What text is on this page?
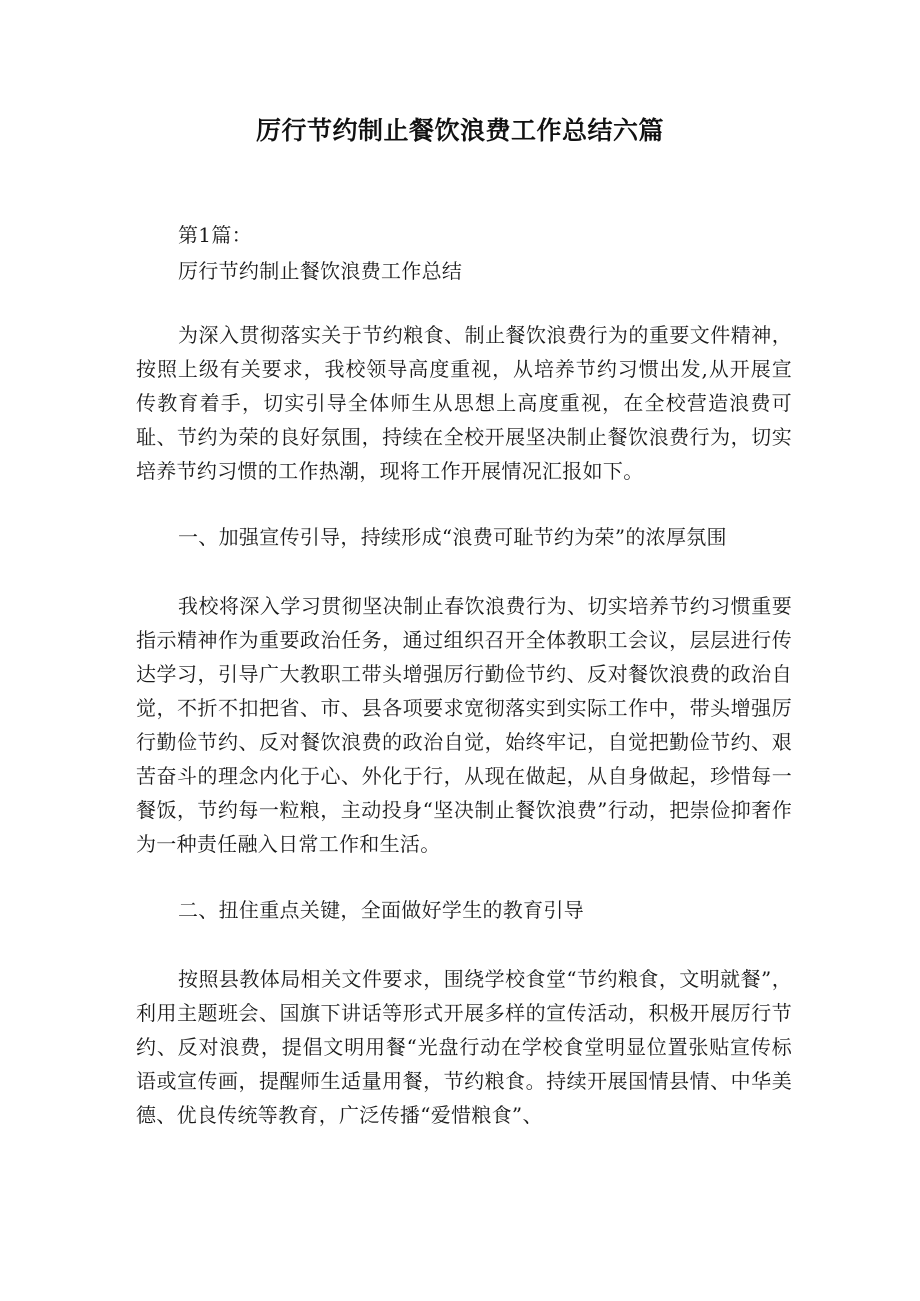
厉行节约制止餐饮浪费工作总结六篇
第1篇：
厉行节约制止餐饮浪费工作总结

为深入贯彻落实关于节约粮食、制止餐饮浪费行为的重要文件精神，按照上级有关要求，我校领导高度重视，从培养节约习惯出发,从开展宣传教育着手，切实引导全体师生从思想上高度重视，在全校营造浪费可耻、节约为荣的良好氛围，持续在全校开展坚决制止餐饮浪费行为，切实培养节约习惯的工作热潮，现将工作开展情况汇报如下。

一、加强宣传引导，持续形成“浪费可耻节约为荣”的浓厚氛围

我校将深入学习贯彻坚决制止春饮浪费行为、切实培养节约习惯重要指示精神作为重要政治任务，通过组织召开全体教职工会议，层层进行传达学习，引导广大教职工带头增强厉行勤俭节约、反对餐饮浪费的政治自觉，不折不扣把省、市、县各项要求宽彻落实到实际工作中，带头增强厉行勤俭节约、反对餐饮浪费的政治自觉，始终牢记，自觉把勤俭节约、艰苦奋斗的理念内化于心、外化于行，从现在做起，从自身做起，珍惜每一餐饭，节约每一粒粮，主动投身“坚决制止餐饮浪费”行动，把崇俭抑奢作为一种责任融入日常工作和生活。

二、扭住重点关键，全面做好学生的教育引导

按照县教体局相关文件要求，围绕学校食堂“节约粮食，文明就餐”，利用主题班会、国旗下讲话等形式开展多样的宣传活动，积极开展厉行节约、反对浪费，提倡文明用餐“光盘行动在学校食堂明显位置张贴宣传标语或宣传画，提醒师生适量用餐，节约粮食。持续开展国情县情、中华美德、优良传统等教育，广泛传播“爱惜粮食”、
